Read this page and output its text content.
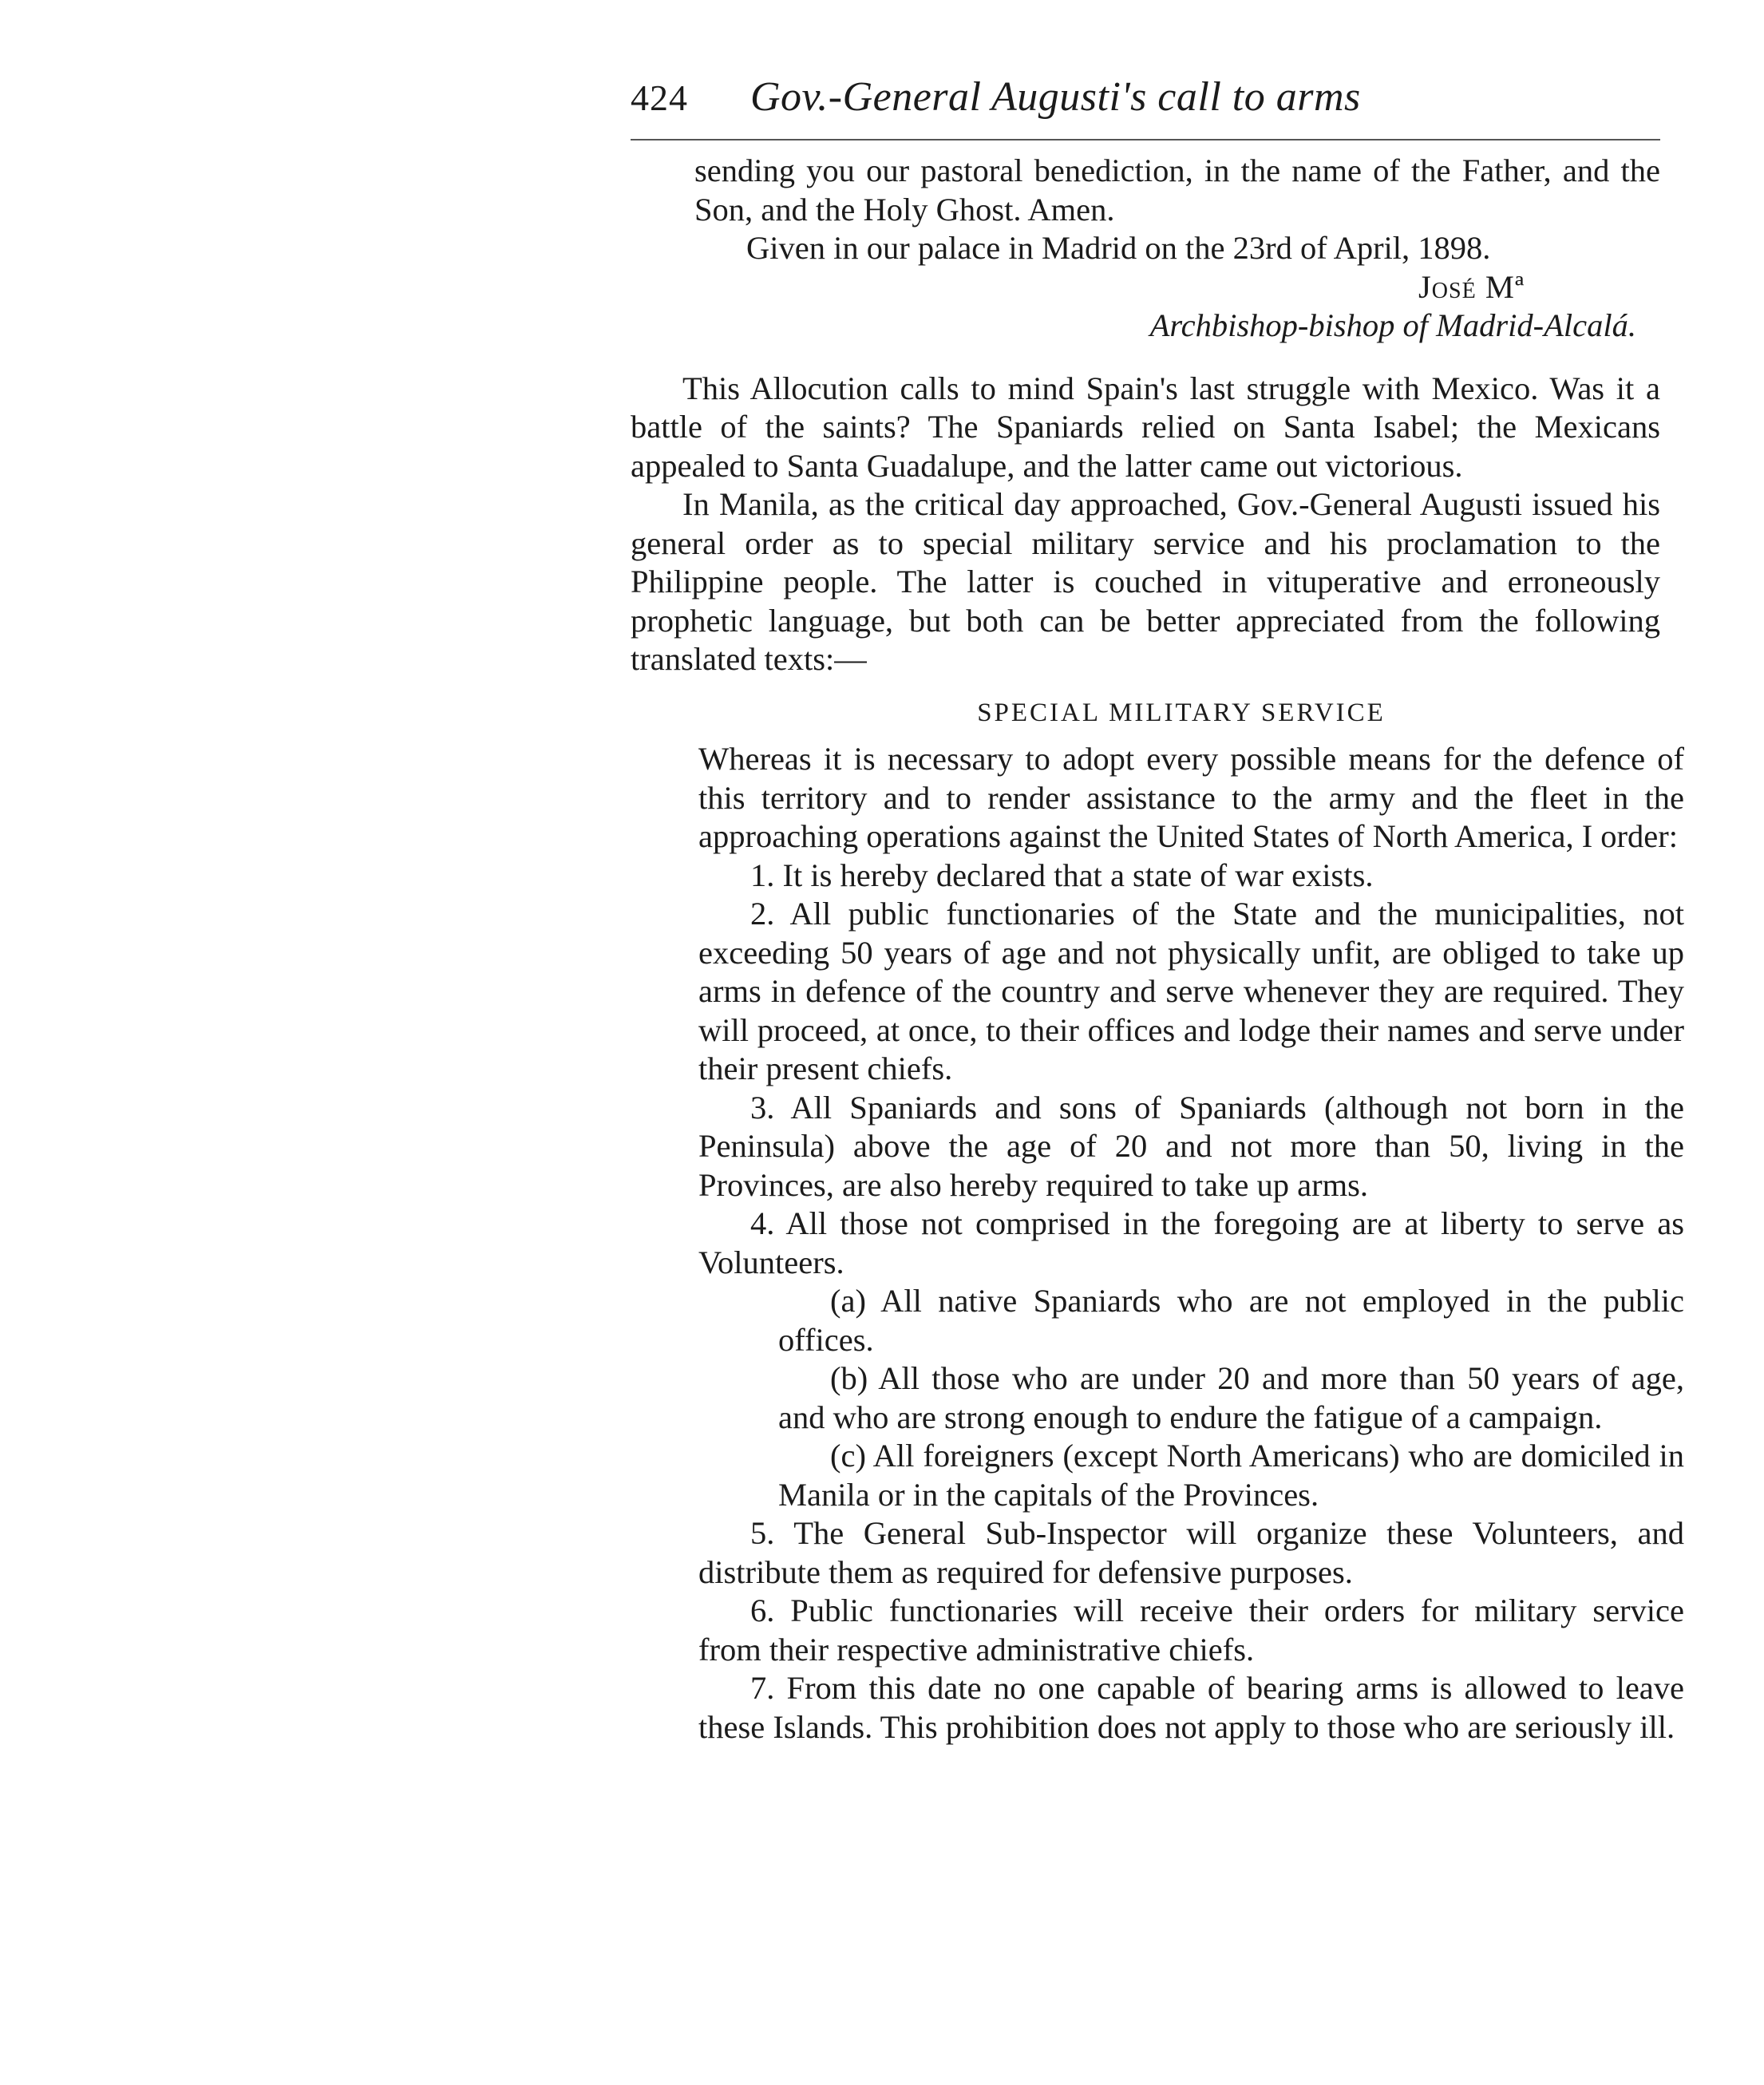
424	Gov.-General Augusti's call to arms

sending you our pastoral benediction, in the name of the Father, and the Son, and the Holy Ghost. Amen.

Given in our palace in Madrid on the 23rd of April, 1898.

José Mª

Archbishop-bishop of Madrid-Alcalá.

This Allocution calls to mind Spain's last struggle with Mexico. Was it a battle of the saints? The Spaniards relied on Santa Isabel; the Mexicans appealed to Santa Guadalupe, and the latter came out victorious.

In Manila, as the critical day approached, Gov.-General Augusti issued his general order as to special military service and his proclamation to the Philippine people. The latter is couched in vituperative and erroneously prophetic language, but both can be better appreciated from the following translated texts:—

SPECIAL MILITARY SERVICE

Whereas it is necessary to adopt every possible means for the defence of this territory and to render assistance to the army and the fleet in the approaching operations against the United States of North America, I order:

1. It is hereby declared that a state of war exists.

2. All public functionaries of the State and the municipalities, not exceeding 50 years of age and not physically unfit, are obliged to take up arms in defence of the country and serve whenever they are required. They will proceed, at once, to their offices and lodge their names and serve under their present chiefs.

3. All Spaniards and sons of Spaniards (although not born in the Peninsula) above the age of 20 and not more than 50, living in the Provinces, are also hereby required to take up arms.

4. All those not comprised in the foregoing are at liberty to serve as Volunteers.

(a) All native Spaniards who are not employed in the public offices.

(b) All those who are under 20 and more than 50 years of age, and who are strong enough to endure the fatigue of a campaign.

(c) All foreigners (except North Americans) who are domiciled in Manila or in the capitals of the Provinces.

5. The General Sub-Inspector will organize these Volunteers, and distribute them as required for defensive purposes.

6. Public functionaries will receive their orders for military service from their respective administrative chiefs.

7. From this date no one capable of bearing arms is allowed to leave these Islands. This prohibition does not apply to those who are seriously ill.
